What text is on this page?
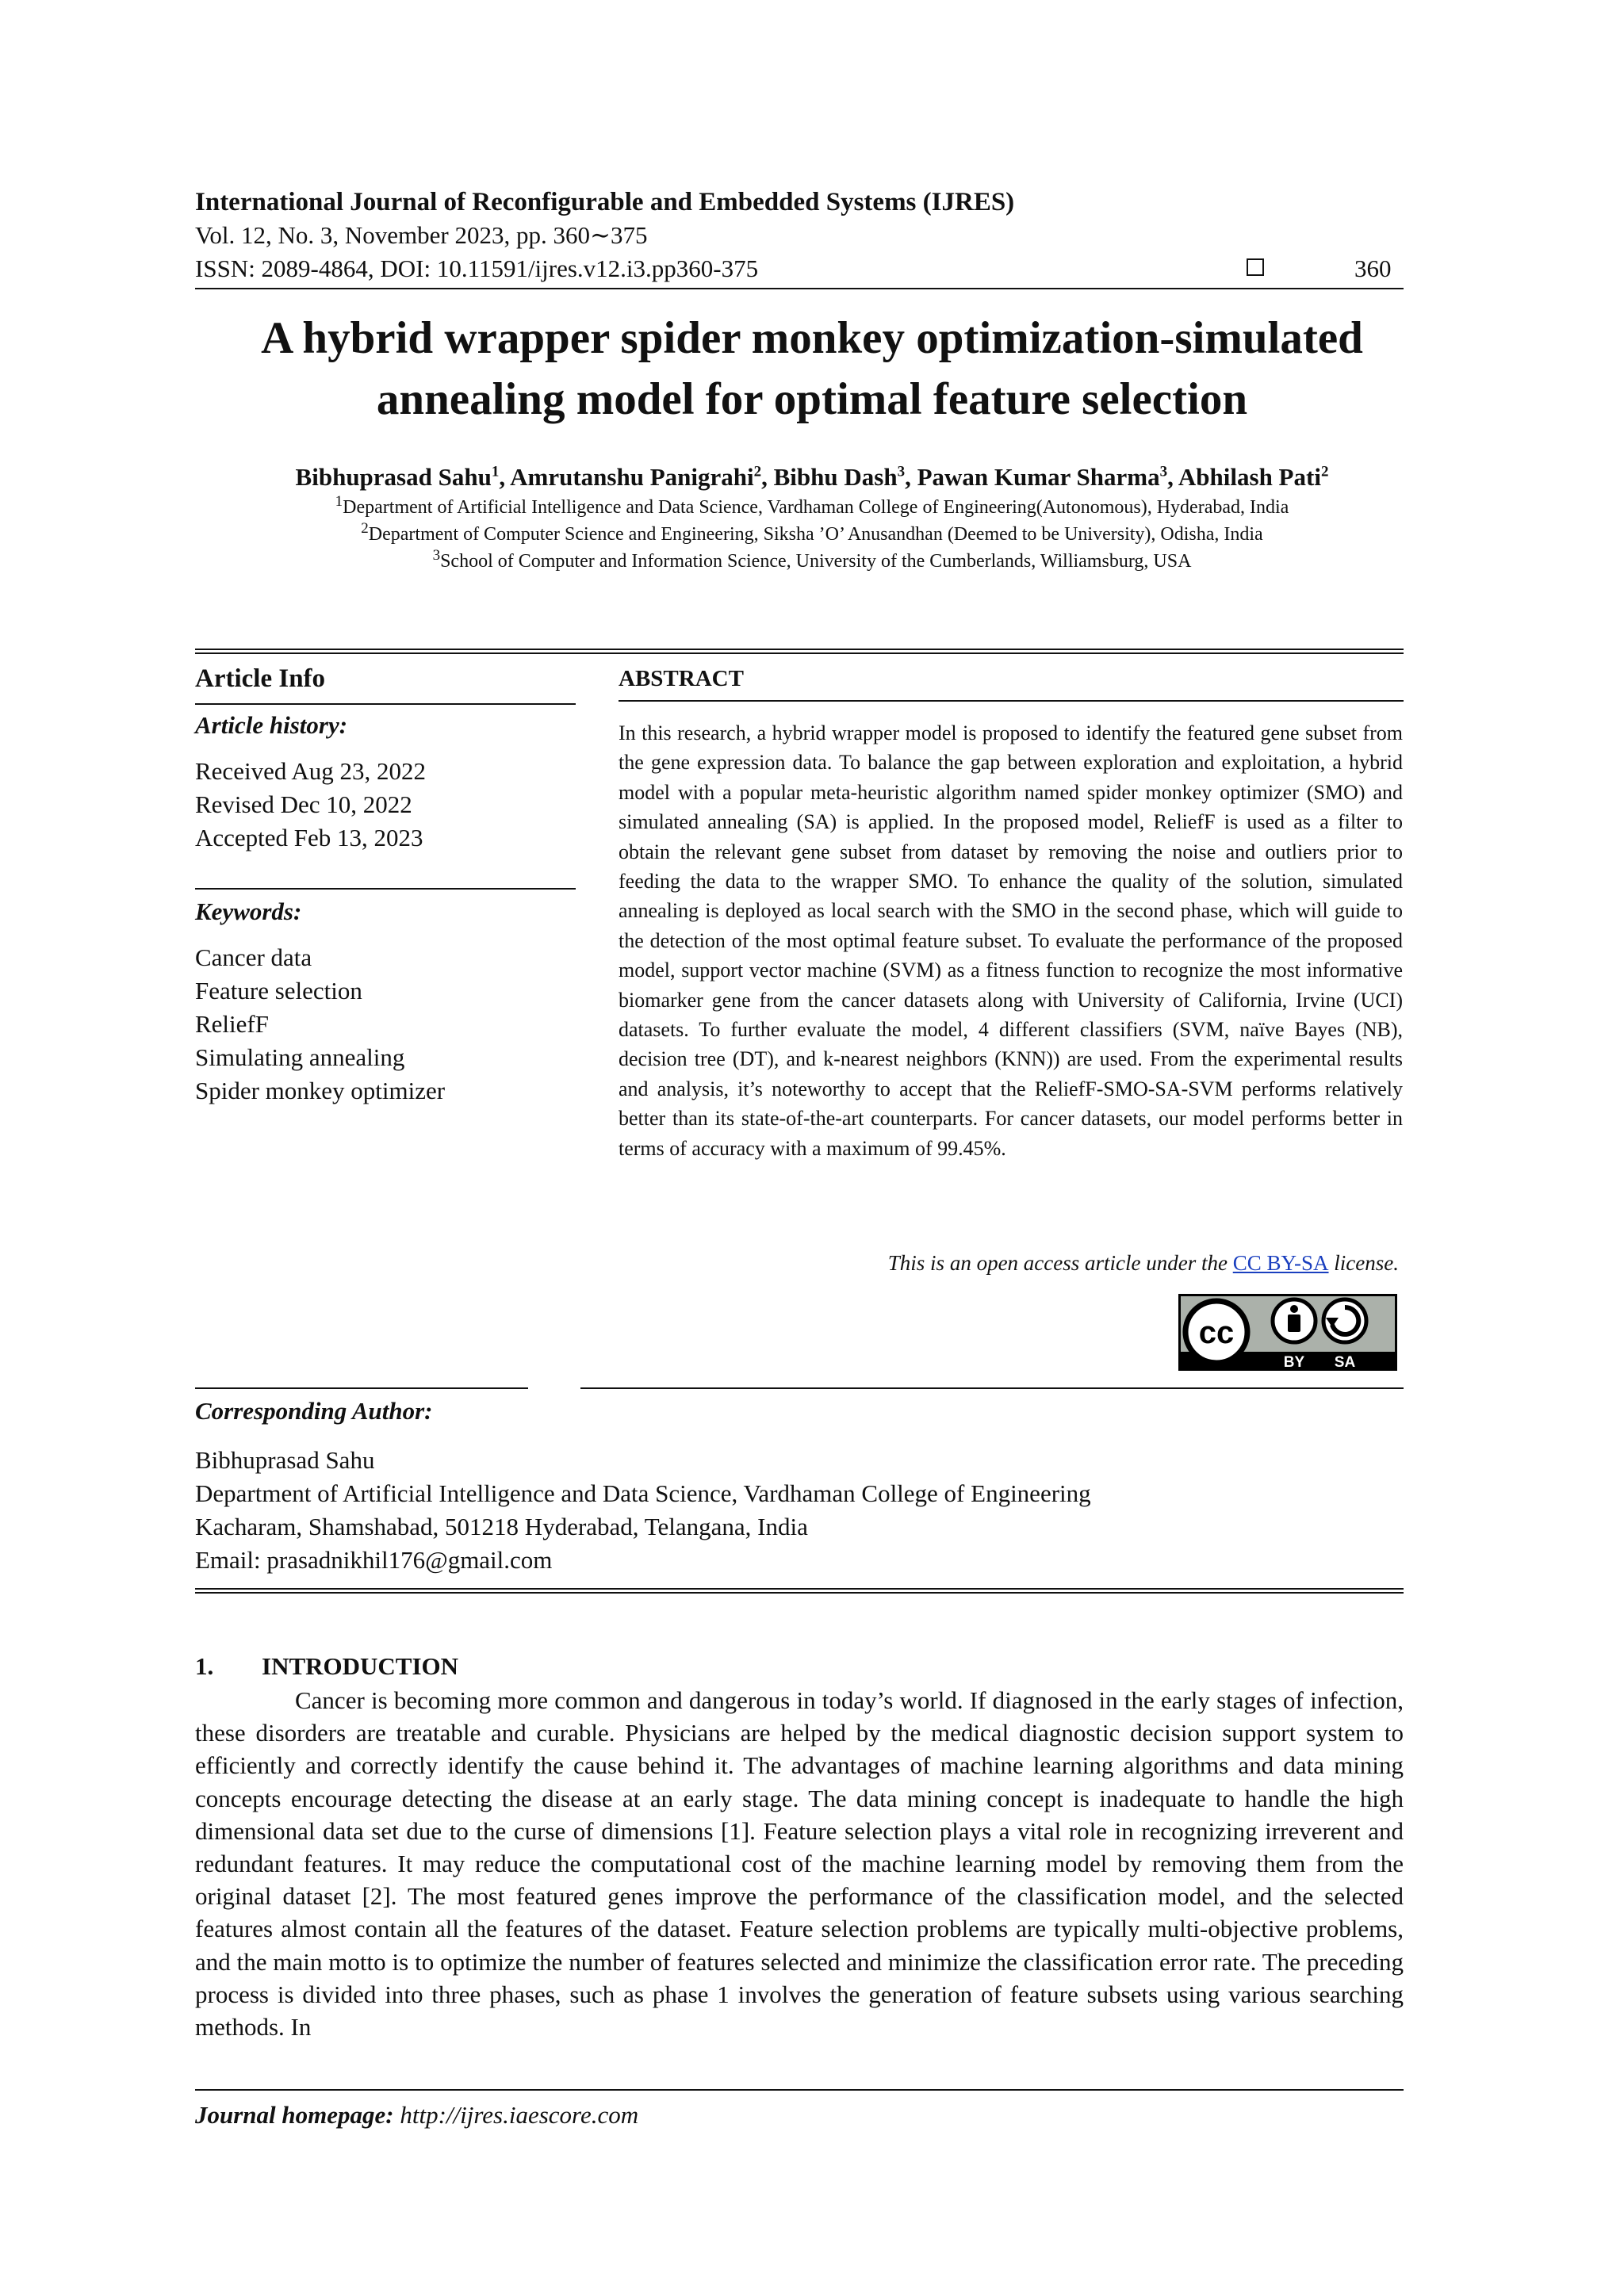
International Journal of Reconfigurable and Embedded Systems (IJRES)
Vol. 12, No. 3, November 2023, pp. 360∼375
ISSN: 2089-4864, DOI: 10.11591/ijres.v12.i3.pp360-375	360
A hybrid wrapper spider monkey optimization-simulated
annealing model for optimal feature selection
Bibhuprasad Sahu$^1$, Amrutanshu Panigrahi$^2$, Bibhu Dash$^3$, Pawan Kumar Sharma$^3$, Abhilash Pati$^2$
$^1$Department of Artificial Intelligence and Data Science, Vardhaman College of Engineering(Autonomous), Hyderabad, India
$^2$Department of Computer Science and Engineering, Siksha ’O’ Anusandhan (Deemed to be University), Odisha, India
$^3$School of Computer and Information Science, University of the Cumberlands, Williamsburg, USA
Article Info
Article history:
Received Aug 23, 2022
Revised Dec 10, 2022
Accepted Feb 13, 2023
Keywords:
Cancer data
Feature selection
ReliefF
Simulating annealing
Spider monkey optimizer
ABSTRACT
In this research, a hybrid wrapper model is proposed to identify the featured gene subset from the gene expression data. To balance the gap between exploration and exploitation, a hybrid model with a popular meta-heuristic algorithm named spider monkey optimizer (SMO) and simulated annealing (SA) is applied. In the proposed model, ReliefF is used as a filter to obtain the relevant gene subset from dataset by removing the noise and outliers prior to feeding the data to the wrapper SMO. To enhance the quality of the solution, simulated annealing is deployed as local search with the SMO in the second phase, which will guide to the detection of the most optimal feature subset. To evaluate the performance of the proposed model, support vector machine (SVM) as a fitness function to recognize the most informative biomarker gene from the cancer datasets along with University of California, Irvine (UCI) datasets. To further evaluate the model, 4 different classifiers (SVM, naïve Bayes (NB), decision tree (DT), and k-nearest neighbors (KNN)) are used. From the experimental results and analysis, it’s noteworthy to accept that the ReliefF-SMO-SA-SVM performs relatively better than its state-of-the-art counterparts. For cancer datasets, our model performs better in terms of accuracy with a maximum of 99.45%.
This is an open access article under the CC BY-SA license.
cc
BY SA
Corresponding Author:
Bibhuprasad Sahu
Department of Artificial Intelligence and Data Science, Vardhaman College of Engineering
Kacharam, Shamshabad, 501218 Hyderabad, Telangana, India
Email: prasadnikhil176@gmail.com
1. INTRODUCTION
Cancer is becoming more common and dangerous in today’s world. If diagnosed in the early stages of infection, these disorders are treatable and curable. Physicians are helped by the medical diagnostic decision support system to efficiently and correctly identify the cause behind it. The advantages of machine learning algorithms and data mining concepts encourage detecting the disease at an early stage. The data mining concept is inadequate to handle the high dimensional data set due to the curse of dimensions [1]. Feature selection plays a vital role in recognizing irreverent and redundant features. It may reduce the computational cost of the machine learning model by removing them from the original dataset [2]. The most featured genes improve the performance of the classification model, and the selected features almost contain all the features of the dataset. Feature selection problems are typically multi-objective problems, and the main motto is to optimize the number of features selected and minimize the classification error rate. The preceding process is divided into three phases, such as phase 1 involves the generation of feature subsets using various searching methods. In
Journal homepage: http://ijres.iaescore.com
